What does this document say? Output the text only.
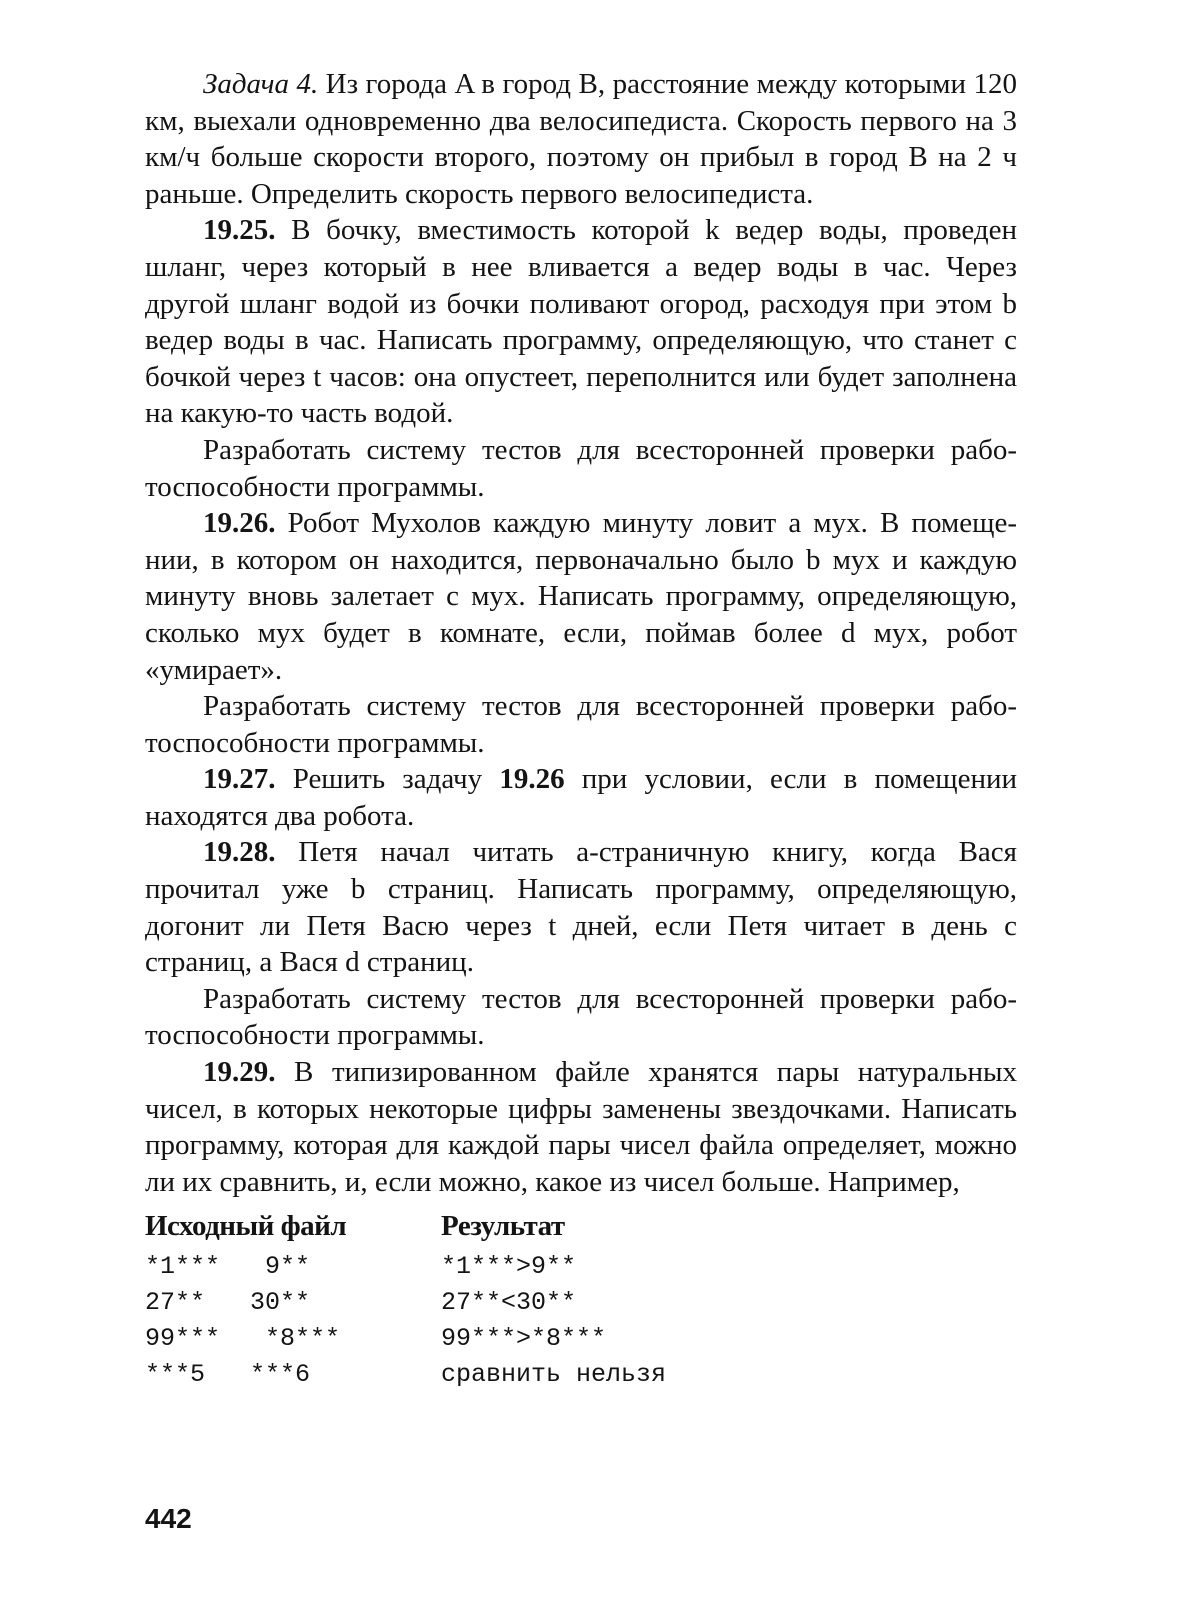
Задача 4. Из города A в город B, расстояние между которыми 120 км, выехали одновременно два велосипедиста. Скорость первого на 3 км/ч больше скорости второго, поэтому он прибыл в город B на 2 ч раньше. Определить скорость первого велосипедиста.

19.25. В бочку, вместимость которой k ведер воды, проведен шланг, через который в нее вливается a ведер воды в час. Через другой шланг водой из бочки поливают огород, расходуя при этом b ведер воды в час. Написать программу, определяющую, что станет с бочкой через t часов: она опустеет, переполнится или будет заполнена на какую-то часть водой.

Разработать систему тестов для всесторонней проверки работоспособности программы.

19.26. Робот Мухолов каждую минуту ловит a мух. В помещении, в котором он находится, первоначально было b мух и каждую минуту вновь залетает c мух. Написать программу, определяющую, сколько мух будет в комнате, если, поймав более d мух, робот «умирает».

Разработать систему тестов для всесторонней проверки работоспособности программы.

19.27. Решить задачу 19.26 при условии, если в помещении находятся два робота.

19.28. Петя начал читать a-страничную книгу, когда Вася прочитал уже b страниц. Написать программу, определяющую, догонит ли Петя Васю через t дней, если Петя читает в день c страниц, а Вася d страниц.

Разработать систему тестов для всесторонней проверки работоспособности программы.

19.29. В типизированном файле хранятся пары натуральных чисел, в которых некоторые цифры заменены звездочками. Написать программу, которая для каждой пары чисел файла определяет, можно ли их сравнить, и, если можно, какое из чисел больше. Например,

Исходный файл	Результат
*1***   9**	*1***>9**
27**   30**	27**<30**
99***   *8***	99***>*8***
***5   ***6	сравнить нельзя
442
